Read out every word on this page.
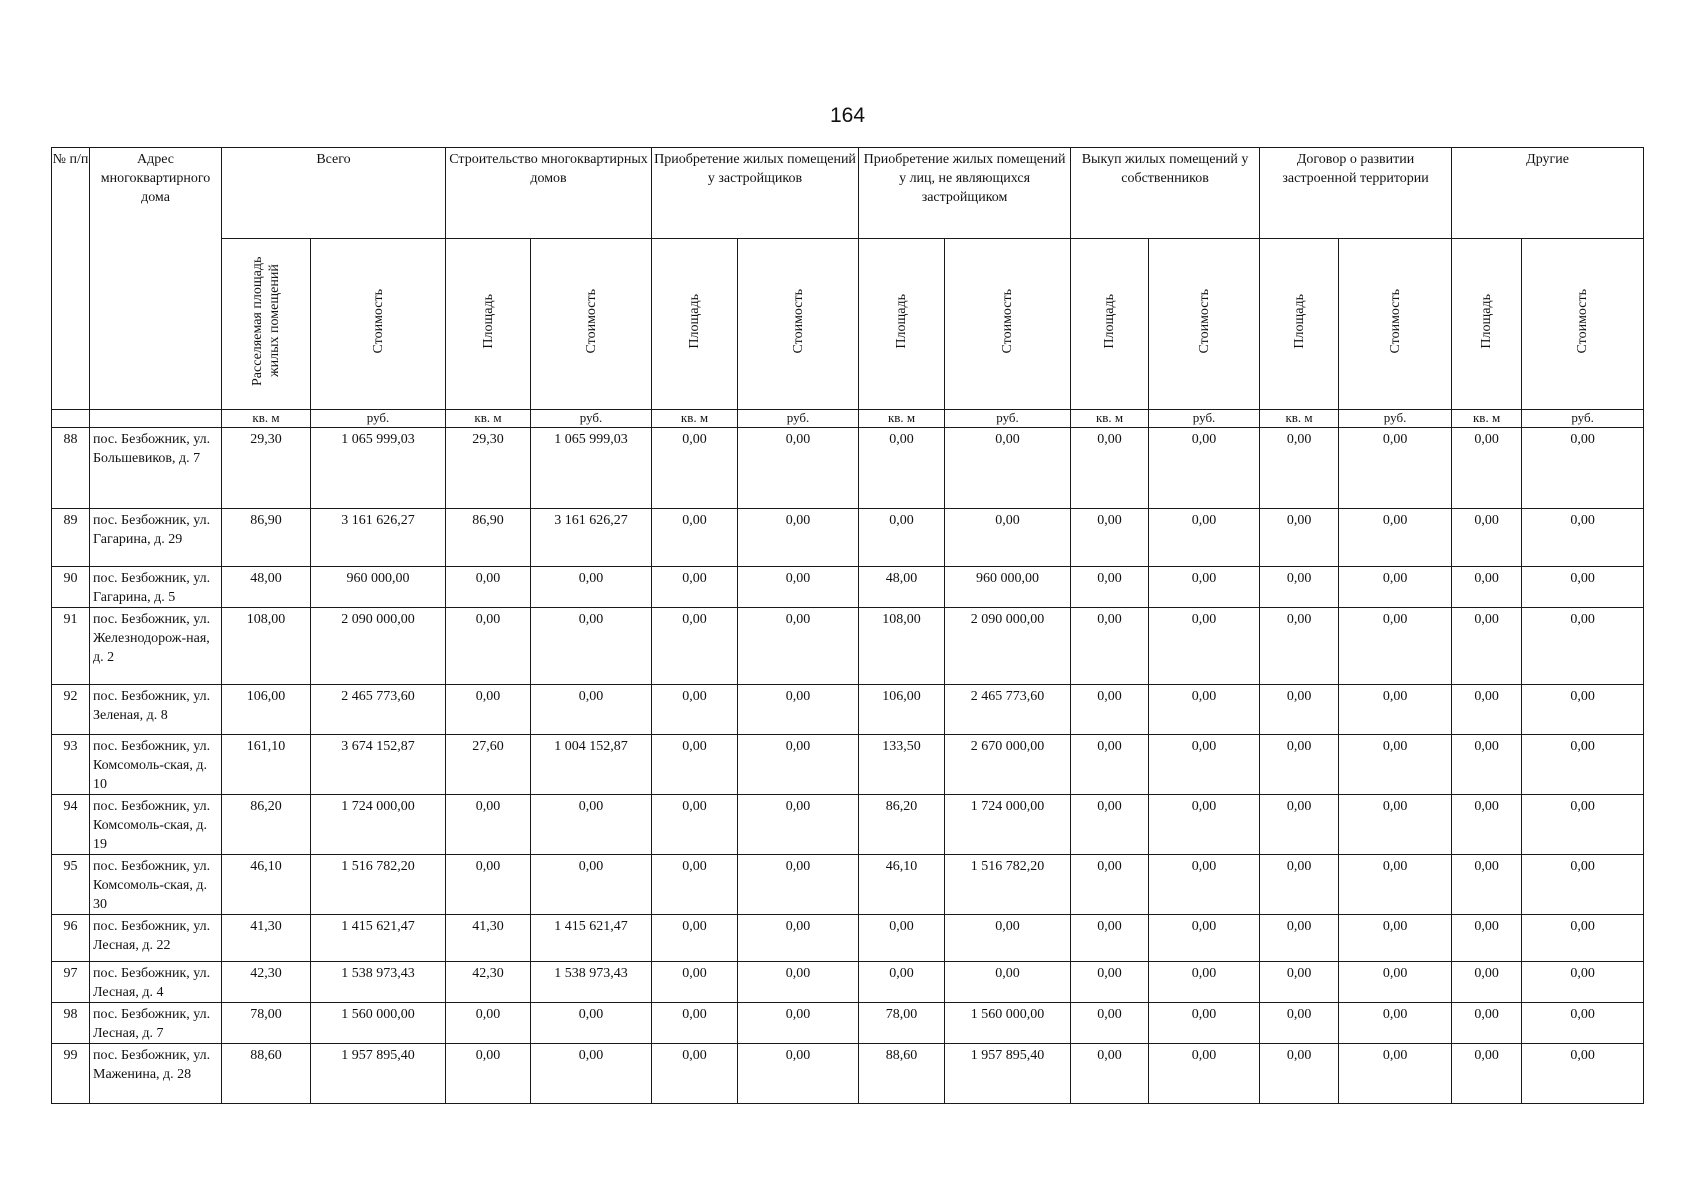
164
№ п/п	Адрес многоквартирного дома	Всего		Строительство многоквартирных домов		Приобретение жилых помещений у застройщиков		Приобретение жилых помещений у лиц, не являющихся застройщиком		Выкуп жилых помещений у собственников		Договор о развитии застроенной территории		Другие	
		Расселяемая площадь жилых помещений	Стоимость	Площадь	Стоимость	Площадь	Стоимость	Площадь	Стоимость	Площадь	Стоимость	Площадь	Стоимость	Площадь	Стоимость
		кв. м	руб.	кв. м	руб.	кв. м	руб.	кв. м	руб.	кв. м	руб.	кв. м	руб.	кв. м	руб.
88	пос. Безбожник, ул. Большевиков, д. 7	29,30	1 065 999,03	29,30	1 065 999,03	0,00	0,00	0,00	0,00	0,00	0,00	0,00	0,00	0,00	0,00
89	пос. Безбожник, ул. Гагарина, д. 29	86,90	3 161 626,27	86,90	3 161 626,27	0,00	0,00	0,00	0,00	0,00	0,00	0,00	0,00	0,00	0,00
90	пос. Безбожник, ул. Гагарина, д. 5	48,00	960 000,00	0,00	0,00	0,00	0,00	48,00	960 000,00	0,00	0,00	0,00	0,00	0,00	0,00
91	пос. Безбожник, ул. Железнодорож-ная, д. 2	108,00	2 090 000,00	0,00	0,00	0,00	0,00	108,00	2 090 000,00	0,00	0,00	0,00	0,00	0,00	0,00
92	пос. Безбожник, ул. Зеленая, д. 8	106,00	2 465 773,60	0,00	0,00	0,00	0,00	106,00	2 465 773,60	0,00	0,00	0,00	0,00	0,00	0,00
93	пос. Безбожник, ул. Комсомоль-ская, д. 10	161,10	3 674 152,87	27,60	1 004 152,87	0,00	0,00	133,50	2 670 000,00	0,00	0,00	0,00	0,00	0,00	0,00
94	пос. Безбожник, ул. Комсомоль-ская, д. 19	86,20	1 724 000,00	0,00	0,00	0,00	0,00	86,20	1 724 000,00	0,00	0,00	0,00	0,00	0,00	0,00
95	пос. Безбожник, ул. Комсомоль-ская, д. 30	46,10	1 516 782,20	0,00	0,00	0,00	0,00	46,10	1 516 782,20	0,00	0,00	0,00	0,00	0,00	0,00
96	пос. Безбожник, ул. Лесная, д. 22	41,30	1 415 621,47	41,30	1 415 621,47	0,00	0,00	0,00	0,00	0,00	0,00	0,00	0,00	0,00	0,00
97	пос. Безбожник, ул. Лесная, д. 4	42,30	1 538 973,43	42,30	1 538 973,43	0,00	0,00	0,00	0,00	0,00	0,00	0,00	0,00	0,00	0,00
98	пос. Безбожник, ул. Лесная, д. 7	78,00	1 560 000,00	0,00	0,00	0,00	0,00	78,00	1 560 000,00	0,00	0,00	0,00	0,00	0,00	0,00
99	пос. Безбожник, ул. Маженина, д. 28	88,60	1 957 895,40	0,00	0,00	0,00	0,00	88,60	1 957 895,40	0,00	0,00	0,00	0,00	0,00	0,00
